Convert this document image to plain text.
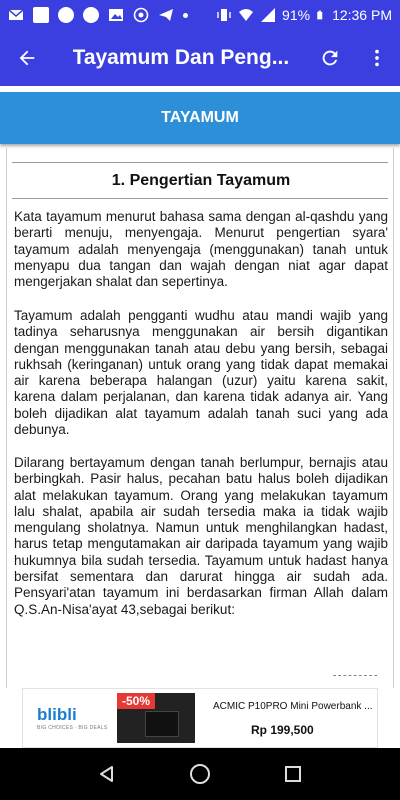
91% 12:36 PM
Tayamum Dan Peng...
TAYAMUM
1. Pengertian Tayamum

Kata tayamum menurut bahasa sama dengan al-qashdu yang berarti menuju, menyengaja. Menurut pengertian syara' tayamum adalah menyengaja (menggunakan) tanah untuk menyapu dua tangan dan wajah dengan niat agar dapat mengerjakan shalat dan sepertinya.

Tayamum adalah pengganti wudhu atau mandi wajib yang tadinya seharusnya menggunakan air bersih digantikan dengan menggunakan tanah atau debu yang bersih, sebagai rukhsah (keringanan) untuk orang yang tidak dapat memakai air karena beberapa halangan (uzur) yaitu karena sakit, karena dalam perjalanan, dan karena tidak adanya air. Yang boleh dijadikan alat tayamum adalah tanah suci yang ada debunya.

Dilarang bertayamum dengan tanah berlumpur, bernajis atau berbingkah. Pasir halus, pecahan batu halus boleh dijadikan alat melakukan tayamum. Orang yang melakukan tayamum lalu shalat, apabila air sudah tersedia maka ia tidak wajib mengulang sholatnya. Namun untuk menghilangkan hadast, harus tetap mengutamakan air daripada tayamum yang wajib hukumnya bila sudah tersedia. Tayamum untuk hadast hanya bersifat sementara dan darurat hingga air sudah ada. Pensyari'atan tayamum ini berdasarkan firman Allah dalam Q.S.An-Nisa'ayat 43,sebagai berikut:

ـ ـ ـ ـ ـ ـ ـ ـ ـ
blibli
BIG CHOICES · BIG DEALS
-50%	ACMIC P10PRO Mini Powerbank ...
Rp 199,500
